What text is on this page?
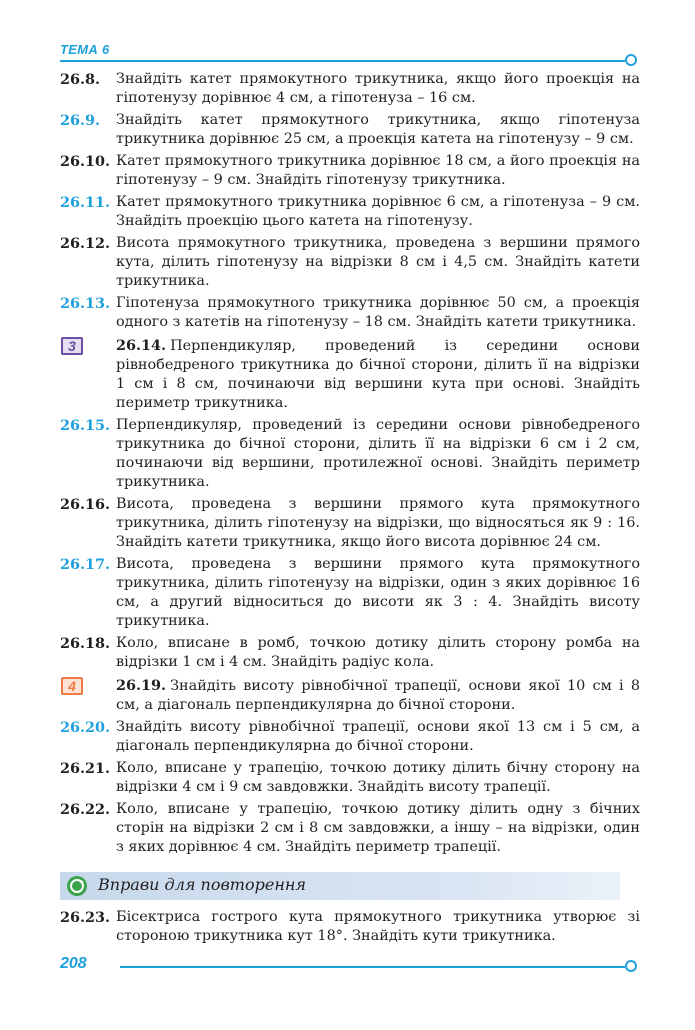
ТЕМА 6
26.8. Знайдіть катет прямокутного трикутника, якщо його проекція на гіпотенузу дорівнює 4 см, а гіпотенуза – 16 см.
26.9. Знайдіть катет прямокутного трикутника, якщо гіпотенуза трикутника дорівнює 25 см, а проекція катета на гіпотенузу – 9 см.
26.10. Катет прямокутного трикутника дорівнює 18 см, а його проекція на гіпотенузу – 9 см. Знайдіть гіпотенузу трикутника.
26.11. Катет прямокутного трикутника дорівнює 6 см, а гіпотенуза – 9 см. Знайдіть проекцію цього катета на гіпотенузу.
26.12. Висота прямокутного трикутника, проведена з вершини прямого кута, ділить гіпотенузу на відрізки 8 см і 4,5 см. Знайдіть катети трикутника.
26.13. Гіпотенуза прямокутного трикутника дорівнює 50 см, а проекція одного з катетів на гіпотенузу – 18 см. Знайдіть катети трикутника.
3	26.14. Перпендикуляр, проведений із середини основи рівнобедреного трикутника до бічної сторони, ділить її на відрізки 1 см і 8 см, починаючи від вершини кута при основі. Знайдіть периметр трикутника.
26.15. Перпендикуляр, проведений із середини основи рівнобедреного трикутника до бічної сторони, ділить її на відрізки 6 см і 2 см, починаючи від вершини, протилежної основі. Знайдіть периметр трикутника.
26.16. Висота, проведена з вершини прямого кута прямокутного трикутника, ділить гіпотенузу на відрізки, що відносяться як 9 : 16. Знайдіть катети трикутника, якщо його висота дорівнює 24 см.
26.17. Висота, проведена з вершини прямого кута прямокутного трикутника, ділить гіпотенузу на відрізки, один з яких дорівнює 16 см, а другий відноситься до висоти як 3 : 4. Знайдіть висоту трикутника.
26.18. Коло, вписане в ромб, точкою дотику ділить сторону ромба на відрізки 1 см і 4 см. Знайдіть радіус кола.
4	26.19. Знайдіть висоту рівнобічної трапеції, основи якої 10 см і 8 см, а діагональ перпендикулярна до бічної сторони.
26.20. Знайдіть висоту рівнобічної трапеції, основи якої 13 см і 5 см, а діагональ перпендикулярна до бічної сторони.
26.21. Коло, вписане у трапецію, точкою дотику ділить бічну сторону на відрізки 4 см і 9 см завдовжки. Знайдіть висоту трапеції.
26.22. Коло, вписане у трапецію, точкою дотику ділить одну з бічних сторін на відрізки 2 см і 8 см завдовжки, а іншу – на відрізки, один з яких дорівнює 4 см. Знайдіть периметр трапеції.
Вправи для повторення
26.23. Бісектриса гострого кута прямокутного трикутника утворює зі стороною трикутника кут 18°. Знайдіть кути трикутника.
208
